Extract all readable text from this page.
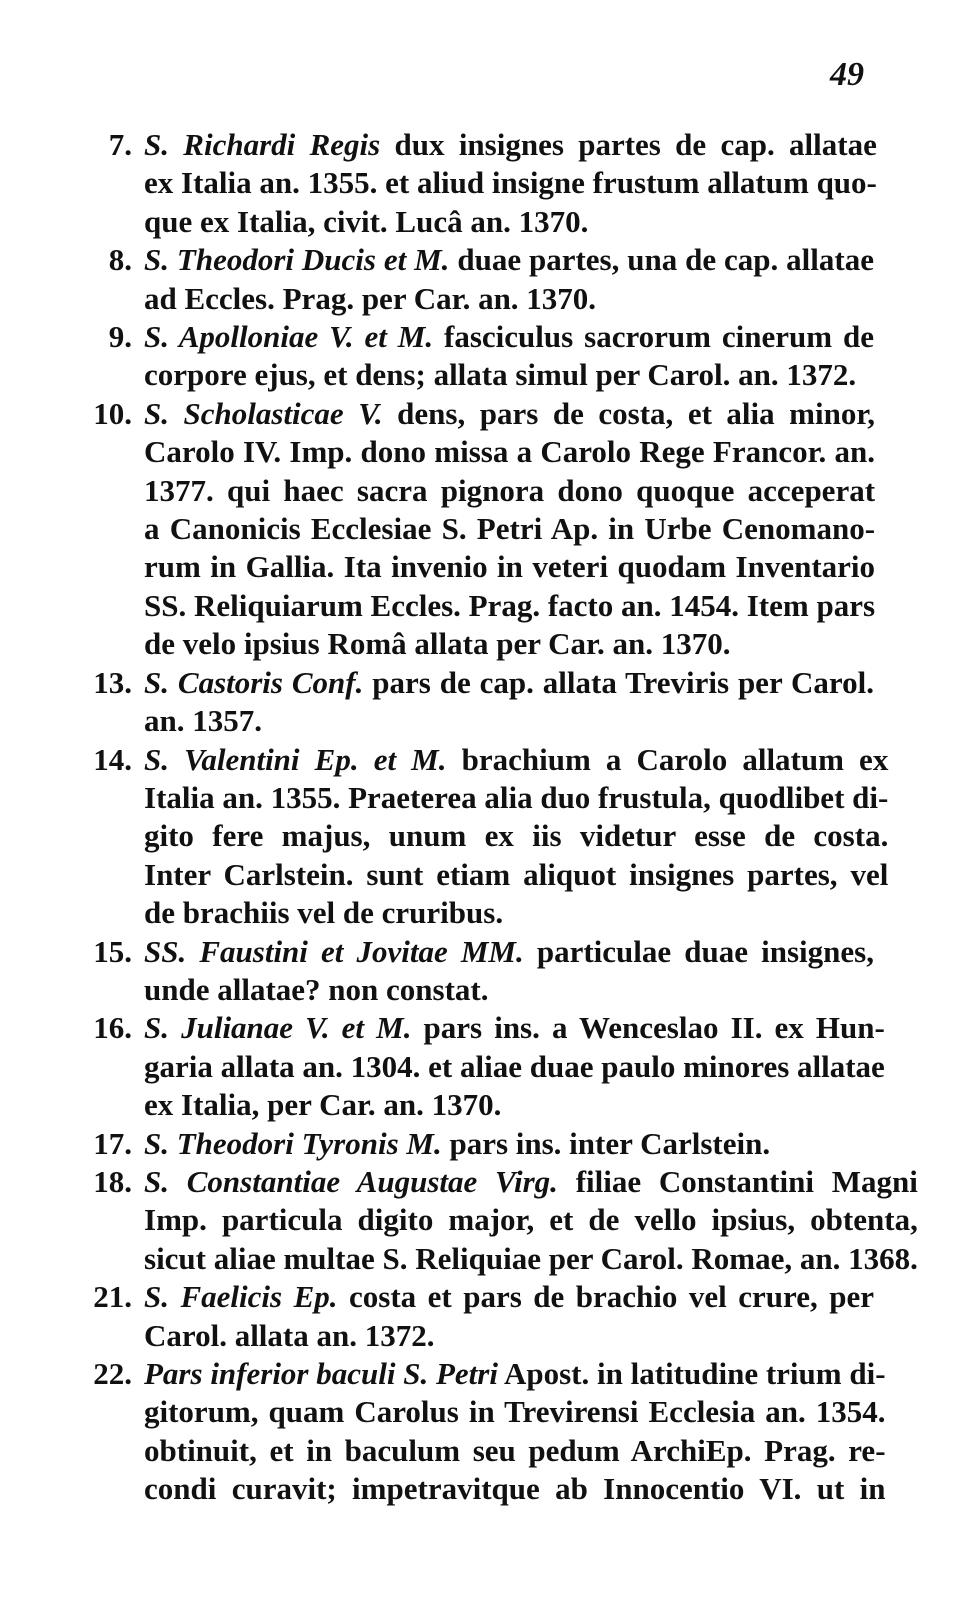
49
7. S. Richardi Regis dux insignes partes de cap. allatae
ex Italia an. 1355. et aliud insigne frustum allatum quo-
que ex Italia, civit. Lucâ an. 1370.
8. S. Theodori Ducis et M. duae partes, una de cap. allatae
ad Eccles. Prag. per Car. an. 1370.
9. S. Apolloniae V. et M. fasciculus sacrorum cinerum de
corpore ejus, et dens; allata simul per Carol. an. 1372.
10. S. Scholasticae V. dens, pars de costa, et alia minor,
Carolo IV. Imp. dono missa a Carolo Rege Francor. an.
1377. qui haec sacra pignora dono quoque acceperat
a Canonicis Ecclesiae S. Petri Ap. in Urbe Cenomano-
rum in Gallia. Ita invenio in veteri quodam Inventario
SS. Reliquiarum Eccles. Prag. facto an. 1454. Item pars
de velo ipsius Româ allata per Car. an. 1370.
13. S. Castoris Conf. pars de cap. allata Treviris per Carol.
an. 1357.
14. S. Valentini Ep. et M. brachium a Carolo allatum ex
Italia an. 1355. Praeterea alia duo frustula, quodlibet di-
gito fere majus, unum ex iis videtur esse de costa.
Inter Carlstein. sunt etiam aliquot insignes partes, vel
de brachiis vel de cruribus.
15. SS. Faustini et Jovitae MM. particulae duae insignes,
unde allatae? non constat.
16. S. Julianae V. et M. pars ins. a Wenceslao II. ex Hun-
garia allata an. 1304. et aliae duae paulo minores allatae
ex Italia, per Car. an. 1370.
17. S. Theodori Tyronis M. pars ins. inter Carlstein.
18. S. Constantiae Augustae Virg. filiae Constantini Magni
Imp. particula digito major, et de vello ipsius, obtenta,
sicut aliae multae S. Reliquiae per Carol. Romae, an. 1368.
21. S. Faelicis Ep. costa et pars de brachio vel crure, per
Carol. allata an. 1372.
22. Pars inferior baculi S. Petri Apost. in latitudine trium di-
gitorum, quam Carolus in Trevirensi Ecclesia an. 1354.
obtinuit, et in baculum seu pedum ArchiEp. Prag. re-
condi curavit; impetravitque ab Innocentio VI. ut in
